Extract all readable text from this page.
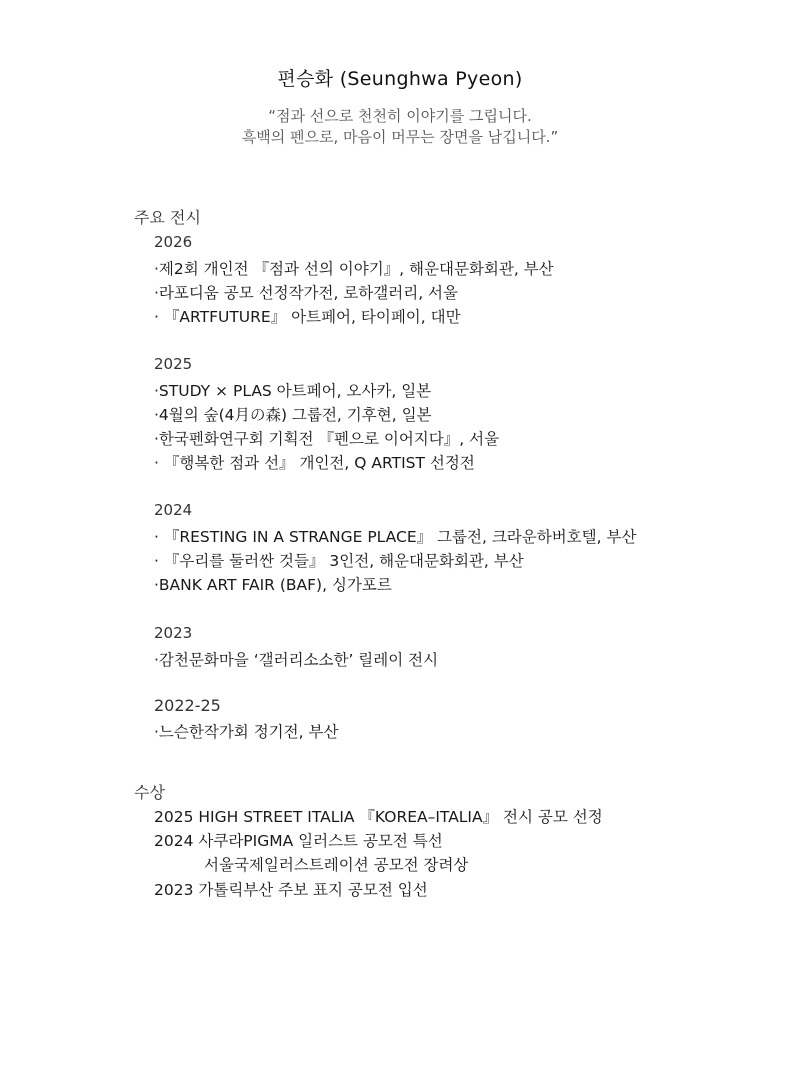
편승화 (Seunghwa Pyeon)
“점과 선으로 천천히 이야기를 그립니다.
흑백의 펜으로, 마음이 머무는 장면을 남깁니다.”
주요 전시
2026
·제2회 개인전 『점과 선의 이야기』, 해운대문화회관, 부산
·라포디움 공모 선정작가전, 로하갤러리, 서울
· 『ARTFUTURE』 아트페어, 타이페이, 대만
2025
·STUDY × PLAS 아트페어, 오사카, 일본
·4월의 숲(4月の森) 그룹전, 기후현, 일본
·한국펜화연구회 기획전 『펜으로 이어지다』, 서울
· 『행복한 점과 선』 개인전, Q ARTIST 선정전
2024
· 『RESTING IN A STRANGE PLACE』 그룹전, 크라운하버호텔, 부산
· 『우리를 둘러싼 것들』 3인전, 해운대문화회관, 부산
·BANK ART FAIR (BAF), 싱가포르
2023
·감천문화마을 ‘갤러리소소한’ 릴레이 전시
2022-25
·느슨한작가회 정기전, 부산
수상
2025 HIGH STREET ITALIA 『KOREA–ITALIA』 전시 공모 선정
2024 사쿠라PIGMA 일러스트 공모전 특선
서울국제일러스트레이션 공모전 장려상
2023 가톨릭부산 주보 표지 공모전 입선
